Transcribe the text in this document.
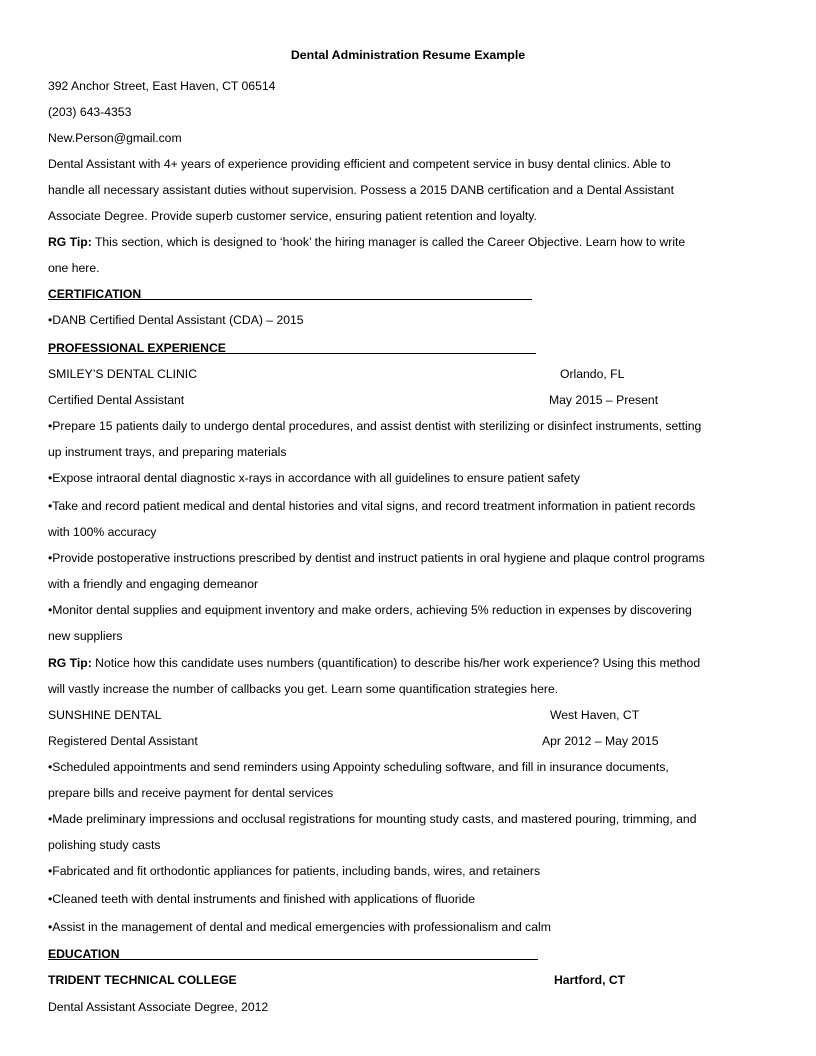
Dental Administration Resume Example
392 Anchor Street, East Haven, CT 06514
(203) 643-4353
New.Person@gmail.com
Dental Assistant with 4+ years of experience providing efficient and competent service in busy dental clinics. Able to
handle all necessary assistant duties without supervision. Possess a 2015 DANB certification and a Dental Assistant
Associate Degree. Provide superb customer service, ensuring patient retention and loyalty.
RG Tip: This section, which is designed to ‘hook’ the hiring manager is called the Career Objective. Learn how to write
one here.
CERTIFICATION
•DANB Certified Dental Assistant (CDA) – 2015
PROFESSIONAL EXPERIENCE
SMILEY’S DENTAL CLINIC	Orlando, FL
Certified Dental Assistant	May 2015 – Present
•Prepare 15 patients daily to undergo dental procedures, and assist dentist with sterilizing or disinfect instruments, setting
up instrument trays, and preparing materials
•Expose intraoral dental diagnostic x-rays in accordance with all guidelines to ensure patient safety
•Take and record patient medical and dental histories and vital signs, and record treatment information in patient records
with 100% accuracy
•Provide postoperative instructions prescribed by dentist and instruct patients in oral hygiene and plaque control programs
with a friendly and engaging demeanor
•Monitor dental supplies and equipment inventory and make orders, achieving 5% reduction in expenses by discovering
new suppliers
RG Tip: Notice how this candidate uses numbers (quantification) to describe his/her work experience? Using this method
will vastly increase the number of callbacks you get. Learn some quantification strategies here.
SUNSHINE DENTAL	West Haven, CT
Registered Dental Assistant	Apr 2012 – May 2015
•Scheduled appointments and send reminders using Appointy scheduling software, and fill in insurance documents,
prepare bills and receive payment for dental services
•Made preliminary impressions and occlusal registrations for mounting study casts, and mastered pouring, trimming, and
polishing study casts
•Fabricated and fit orthodontic appliances for patients, including bands, wires, and retainers
•Cleaned teeth with dental instruments and finished with applications of fluoride
•Assist in the management of dental and medical emergencies with professionalism and calm
EDUCATION
TRIDENT TECHNICAL COLLEGE	Hartford, CT
Dental Assistant Associate Degree, 2012
